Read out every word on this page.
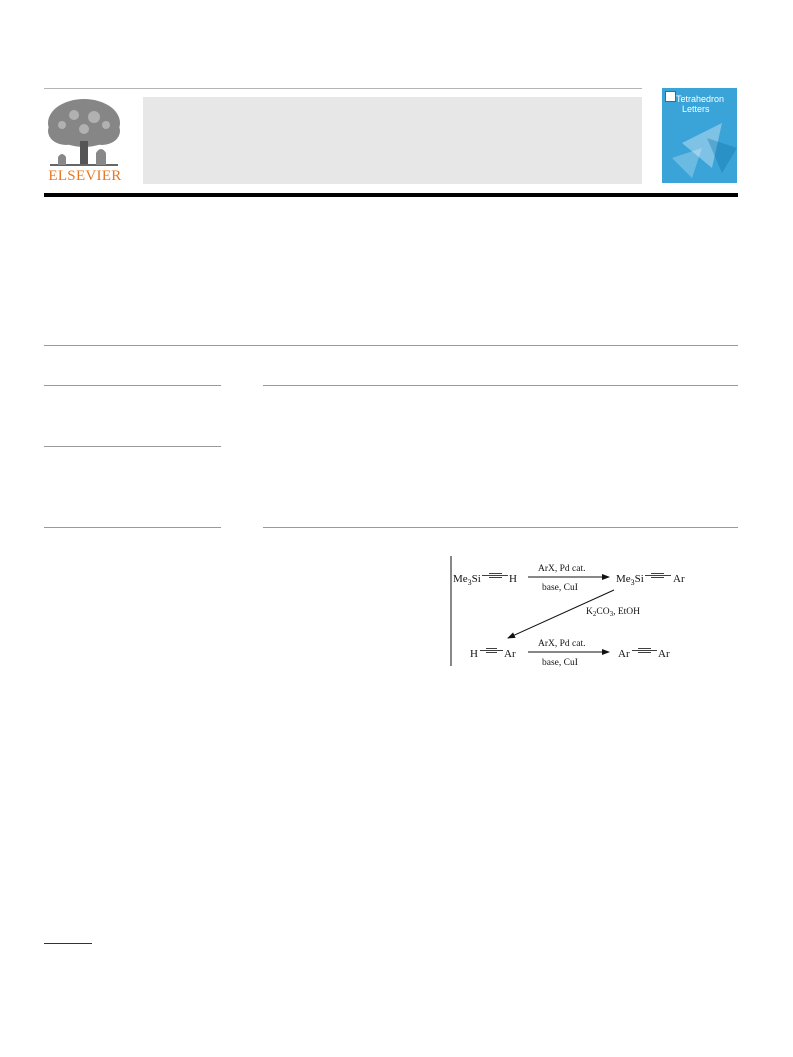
ELSEVIER
Tetrahedron
Letters
$Me_3Si$	H
ArX, Pd cat.
base, CuI
$Me_3Si$	Ar
$K_2CO_3$, EtOH
H Ar
ArX, Pd cat.
base, CuI
Ar	Ar
